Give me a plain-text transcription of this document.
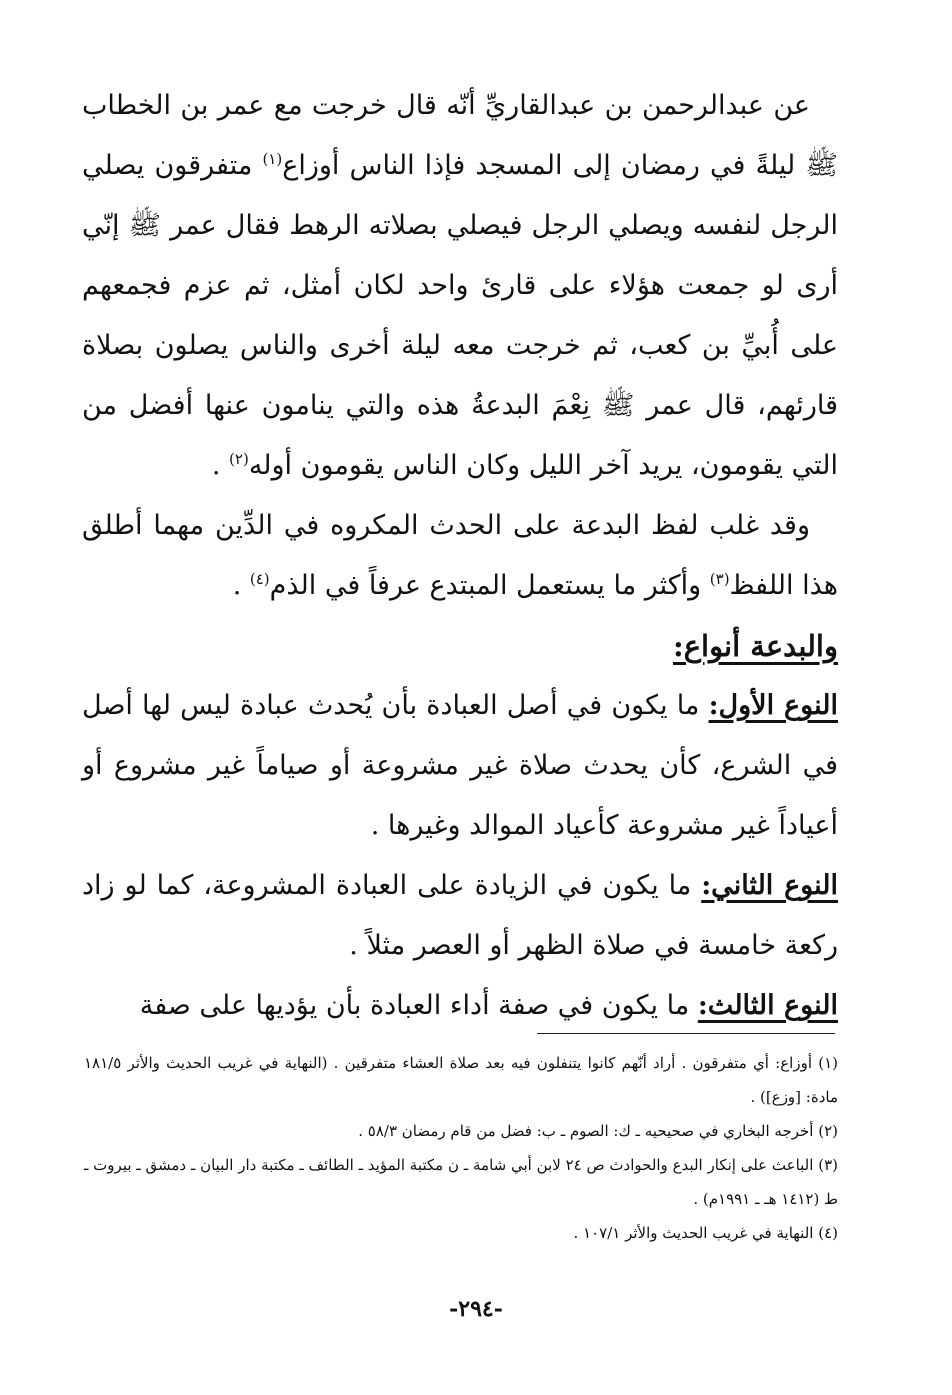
عن عبدالرحمن بن عبدالقاريِّ أنّه قال خرجت مع عمر بن الخطاب ﷺ ليلةً في رمضان إلى المسجد فإذا الناس أوزاع$^{(١)}$ متفرقون يصلي الرجل لنفسه ويصلي الرجل فيصلي بصلاته الرهط فقال عمر ﷺ إنّي أرى لو جمعت هؤلاء على قارئ واحد لكان أمثل، ثم عزم فجمعهم على أُبيِّ بن كعب، ثم خرجت معه ليلة أخرى والناس يصلون بصلاة قارئهم، قال عمر ﷺ نِعْمَ البدعةُ هذه والتي ينامون عنها أفضل من التي يقومون، يريد آخر الليل وكان الناس يقومون أوله$^{(٢)}$ .

وقد غلب لفظ البدعة على الحدث المكروه في الدِّين مهما أطلق هذا اللفظ$^{(٣)}$ وأكثر ما يستعمل المبتدع عرفاً في الذم$^{(٤)}$ .

والبدعة أنواع:

النوع الأول: ما يكون في أصل العبادة بأن يُحدث عبادة ليس لها أصل في الشرع، كأن يحدث صلاة غير مشروعة أو صياماً غير مشروع أو أعياداً غير مشروعة كأعياد الموالد وغيرها .

النوع الثاني: ما يكون في الزيادة على العبادة المشروعة، كما لو زاد ركعة خامسة في صلاة الظهر أو العصر مثلاً .

النوع الثالث: ما يكون في صفة أداء العبادة بأن يؤديها على صفة

(١) أوزاع: أي متفرقون . أراد أنّهم كانوا يتنفلون فيه بعد صلاة العشاء متفرقين . (النهاية في غريب الحديث والأثر ١٨١/٥ مادة: [وزع]) .

(٢) أخرجه البخاري في صحيحيه ـ ك: الصوم ـ ب: فضل من قام رمضان ٥٨/٣ .

(٣) الباعث على إنكار البدع والحوادث ص ٢٤ لابن أبي شامة ـ ن مكتبة المؤيد ـ الطائف ـ مكتبة دار البيان ـ دمشق ـ بيروت ـ ط (١٤١٢ هـ ـ ١٩٩١م) .

(٤) النهاية في غريب الحديث والأثر ١٠٧/١ .

-٢٩٤-
